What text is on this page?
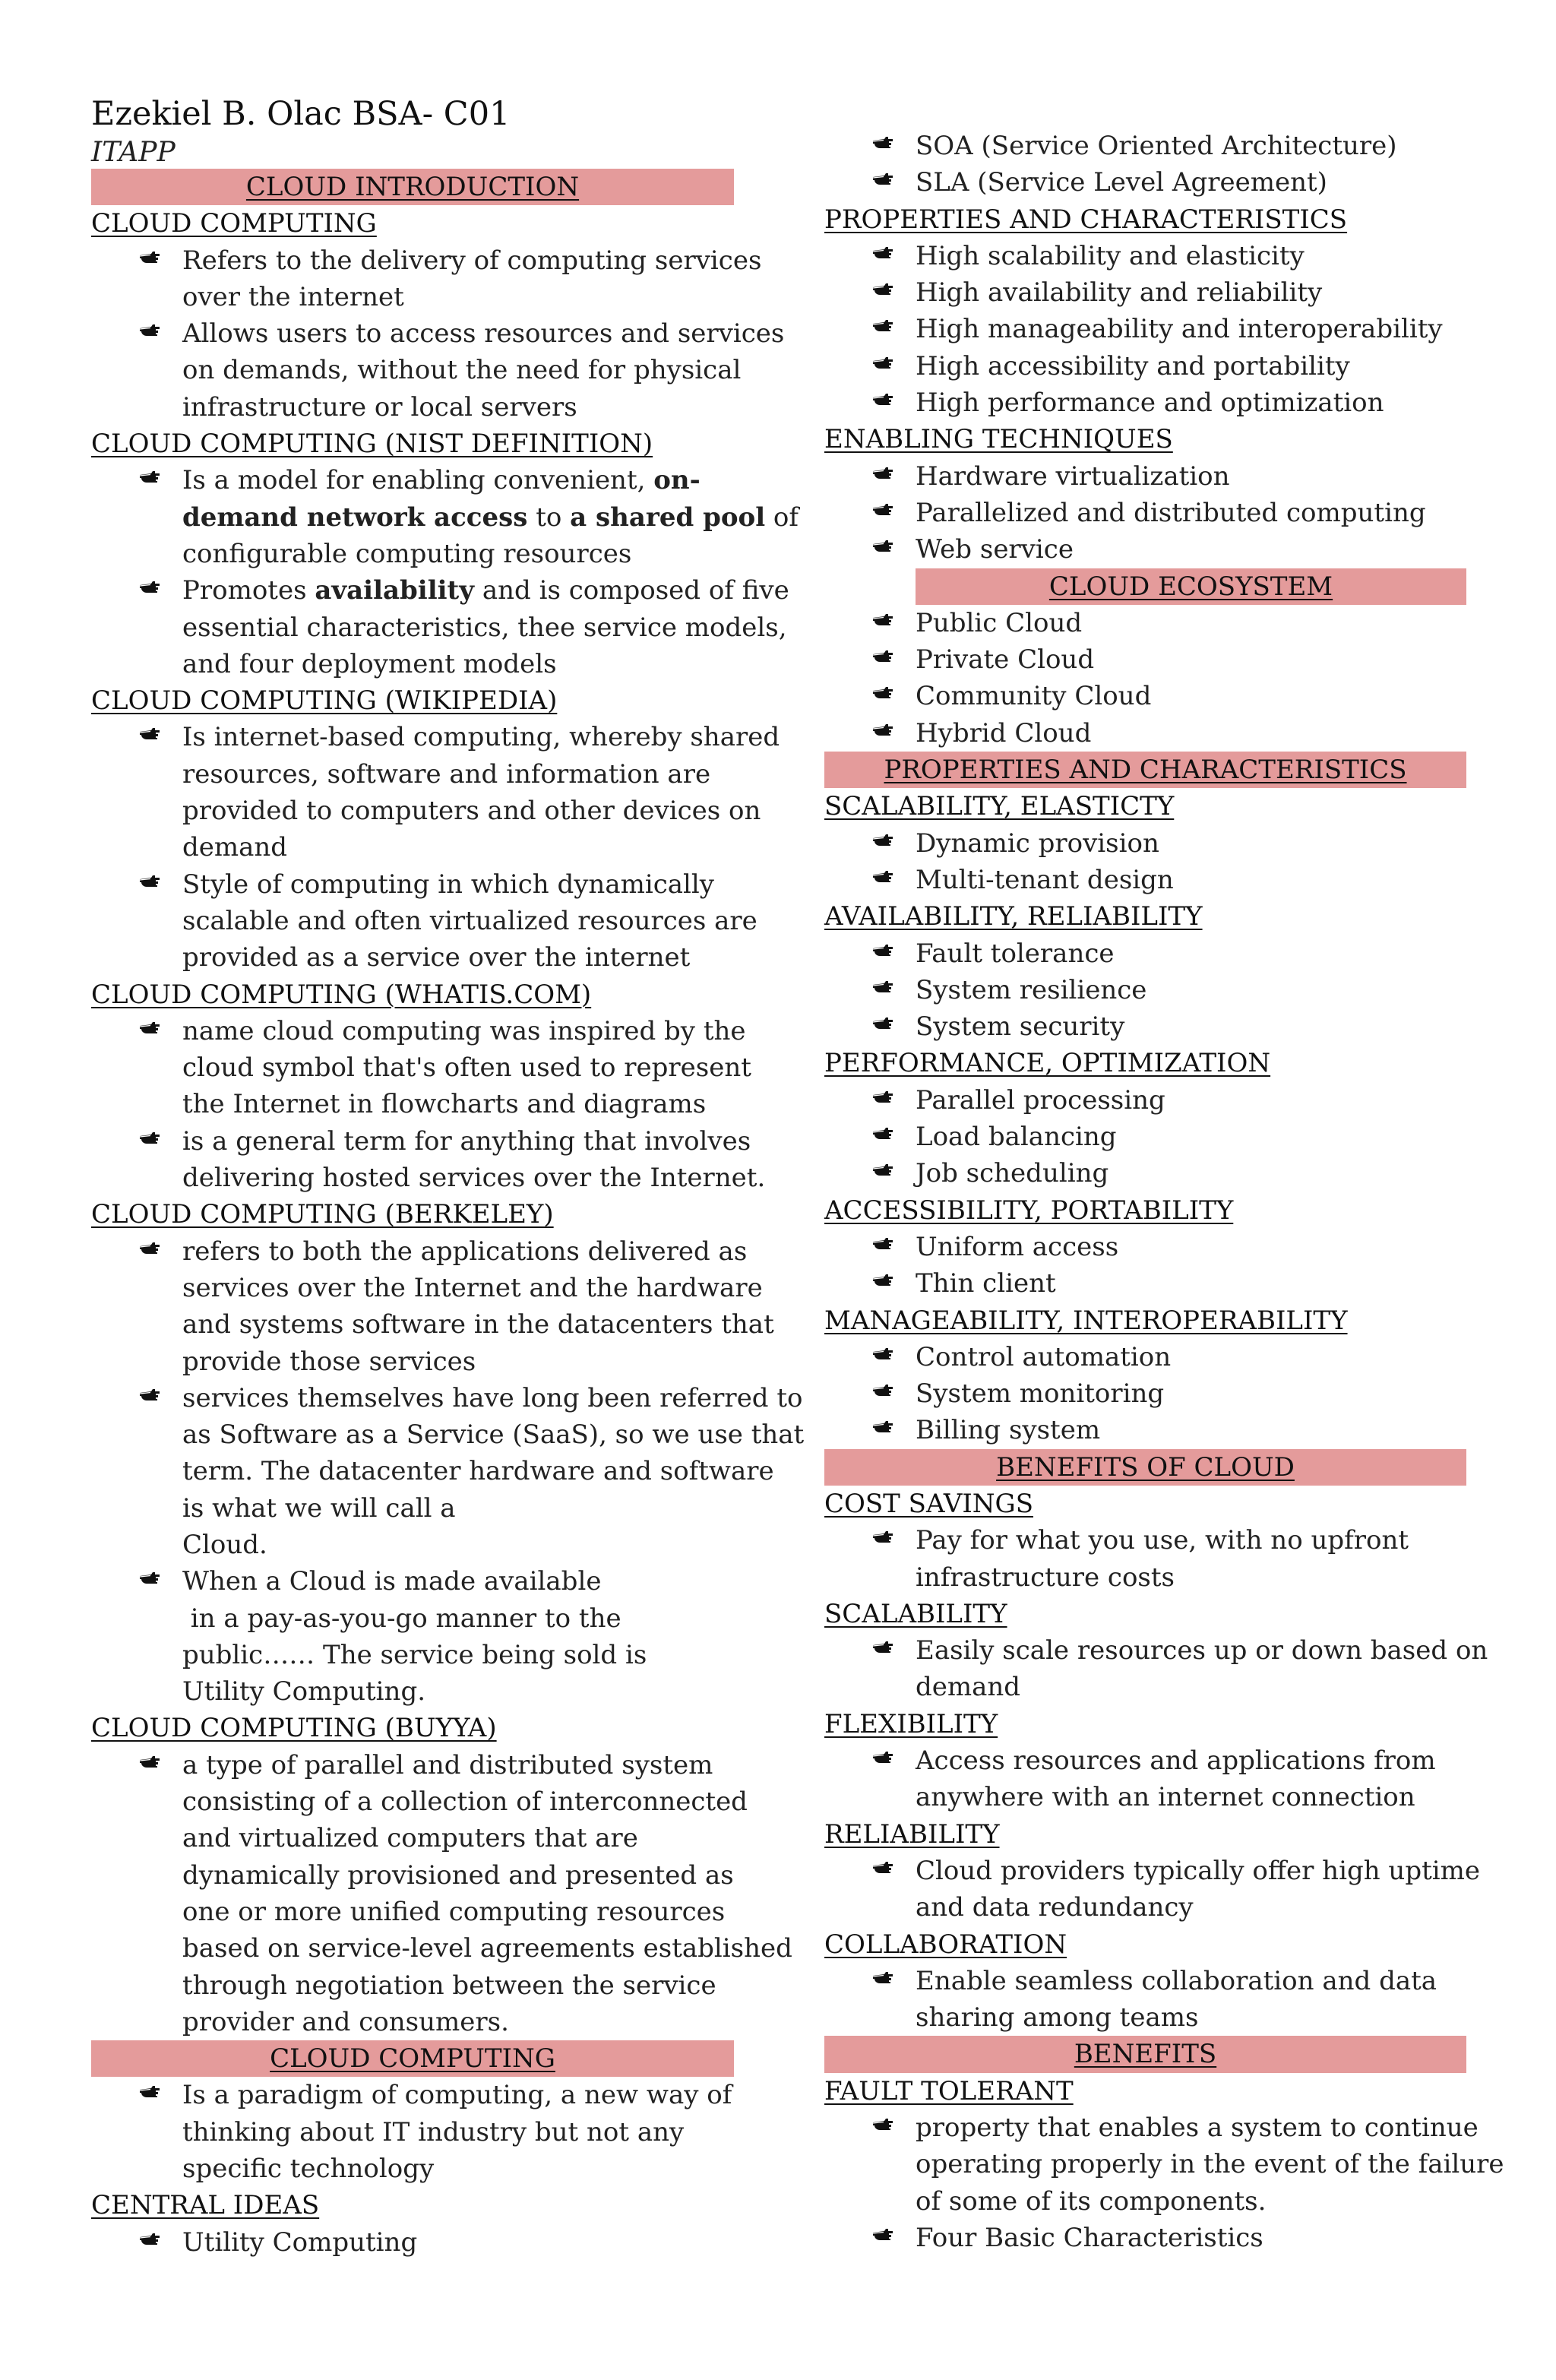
Ezekiel B. Olac BSA- C01
ITAPP
CLOUD INTRODUCTION
CLOUD COMPUTING
Refers to the delivery of computing services
over the internet
Allows users to access resources and services
on demands, without the need for physical
infrastructure or local servers
CLOUD COMPUTING (NIST DEFINITION)
Is a model for enabling convenient, on-
demand network access to a shared pool of
configurable computing resources
Promotes availability and is composed of five
essential characteristics, thee service models,
and four deployment models
CLOUD COMPUTING (WIKIPEDIA)
Is internet-based computing, whereby shared
resources, software and information are
provided to computers and other devices on
demand
Style of computing in which dynamically
scalable and often virtualized resources are
provided as a service over the internet
CLOUD COMPUTING (WHATIS.COM)
name cloud computing was inspired by the
cloud symbol that's often used to represent
the Internet in flowcharts and diagrams
is a general term for anything that involves
delivering hosted services over the Internet.
CLOUD COMPUTING (BERKELEY)
refers to both the applications delivered as
services over the Internet and the hardware
and systems software in the datacenters that
provide those services
services themselves have long been referred to
as Software as a Service (SaaS), so we use that
term. The datacenter hardware and software
is what we will call a
Cloud.
When a Cloud is made available
in a pay-as-you-go manner to the
public…… The service being sold is
Utility Computing.
CLOUD COMPUTING (BUYYA)
a type of parallel and distributed system
consisting of a collection of interconnected
and virtualized computers that are
dynamically provisioned and presented as
one or more unified computing resources
based on service-level agreements established
through negotiation between the service
provider and consumers.
CLOUD COMPUTING
Is a paradigm of computing, a new way of
thinking about IT industry but not any
specific technology
CENTRAL IDEAS
Utility Computing
SOA (Service Oriented Architecture)
SLA (Service Level Agreement)
PROPERTIES AND CHARACTERISTICS
High scalability and elasticity
High availability and reliability
High manageability and interoperability
High accessibility and portability
High performance and optimization
ENABLING TECHNIQUES
Hardware virtualization
Parallelized and distributed computing
Web service
CLOUD ECOSYSTEM
Public Cloud
Private Cloud
Community Cloud
Hybrid Cloud
PROPERTIES AND CHARACTERISTICS
SCALABILITY, ELASTICTY
Dynamic provision
Multi-tenant design
AVAILABILITY, RELIABILITY
Fault tolerance
System resilience
System security
PERFORMANCE, OPTIMIZATION
Parallel processing
Load balancing
Job scheduling
ACCESSIBILITY, PORTABILITY
Uniform access
Thin client
MANAGEABILITY, INTEROPERABILITY
Control automation
System monitoring
Billing system
BENEFITS OF CLOUD
COST SAVINGS
Pay for what you use, with no upfront
infrastructure costs
SCALABILITY
Easily scale resources up or down based on
demand
FLEXIBILITY
Access resources and applications from
anywhere with an internet connection
RELIABILITY
Cloud providers typically offer high uptime
and data redundancy
COLLABORATION
Enable seamless collaboration and data
sharing among teams
BENEFITS
FAULT TOLERANT
property that enables a system to continue
operating properly in the event of the failure
of some of its components.
Four Basic Characteristics
